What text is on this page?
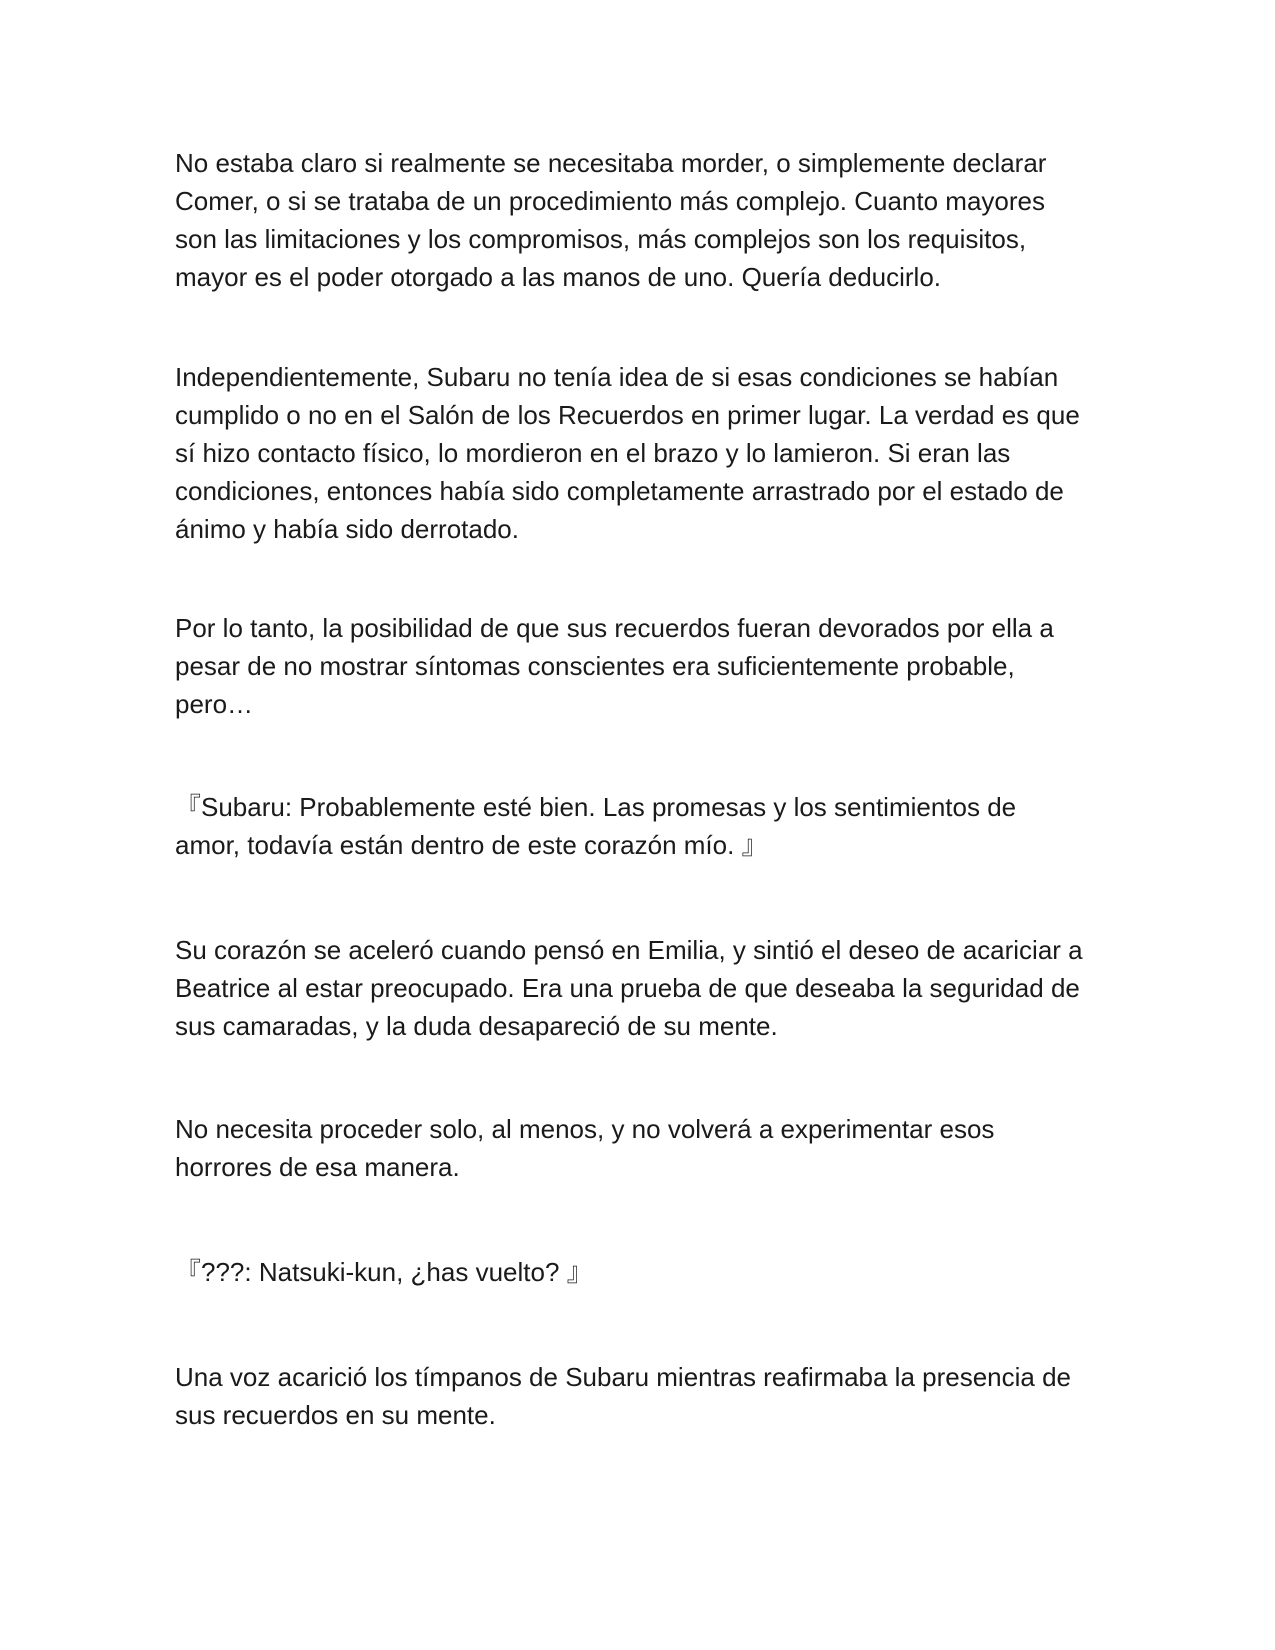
No estaba claro si realmente se necesitaba morder, o simplemente declarar
Comer, o si se trataba de un procedimiento más complejo. Cuanto mayores
son las limitaciones y los compromisos, más complejos son los requisitos,
mayor es el poder otorgado a las manos de uno. Quería deducirlo.

Independientemente, Subaru no tenía idea de si esas condiciones se habían
cumplido o no en el Salón de los Recuerdos en primer lugar. La verdad es que
sí hizo contacto físico, lo mordieron en el brazo y lo lamieron. Si eran las
condiciones, entonces había sido completamente arrastrado por el estado de
ánimo y había sido derrotado.

Por lo tanto, la posibilidad de que sus recuerdos fueran devorados por ella a
pesar de no mostrar síntomas conscientes era suficientemente probable,
pero…

『Subaru: Probablemente esté bien. Las promesas y los sentimientos de
amor, todavía están dentro de este corazón mío. 』

Su corazón se aceleró cuando pensó en Emilia, y sintió el deseo de acariciar a
Beatrice al estar preocupado. Era una prueba de que deseaba la seguridad de
sus camaradas, y la duda desapareció de su mente.

No necesita proceder solo, al menos, y no volverá a experimentar esos
horrores de esa manera.

『???: Natsuki-kun, ¿has vuelto? 』

Una voz acarició los tímpanos de Subaru mientras reafirmaba la presencia de
sus recuerdos en su mente.
